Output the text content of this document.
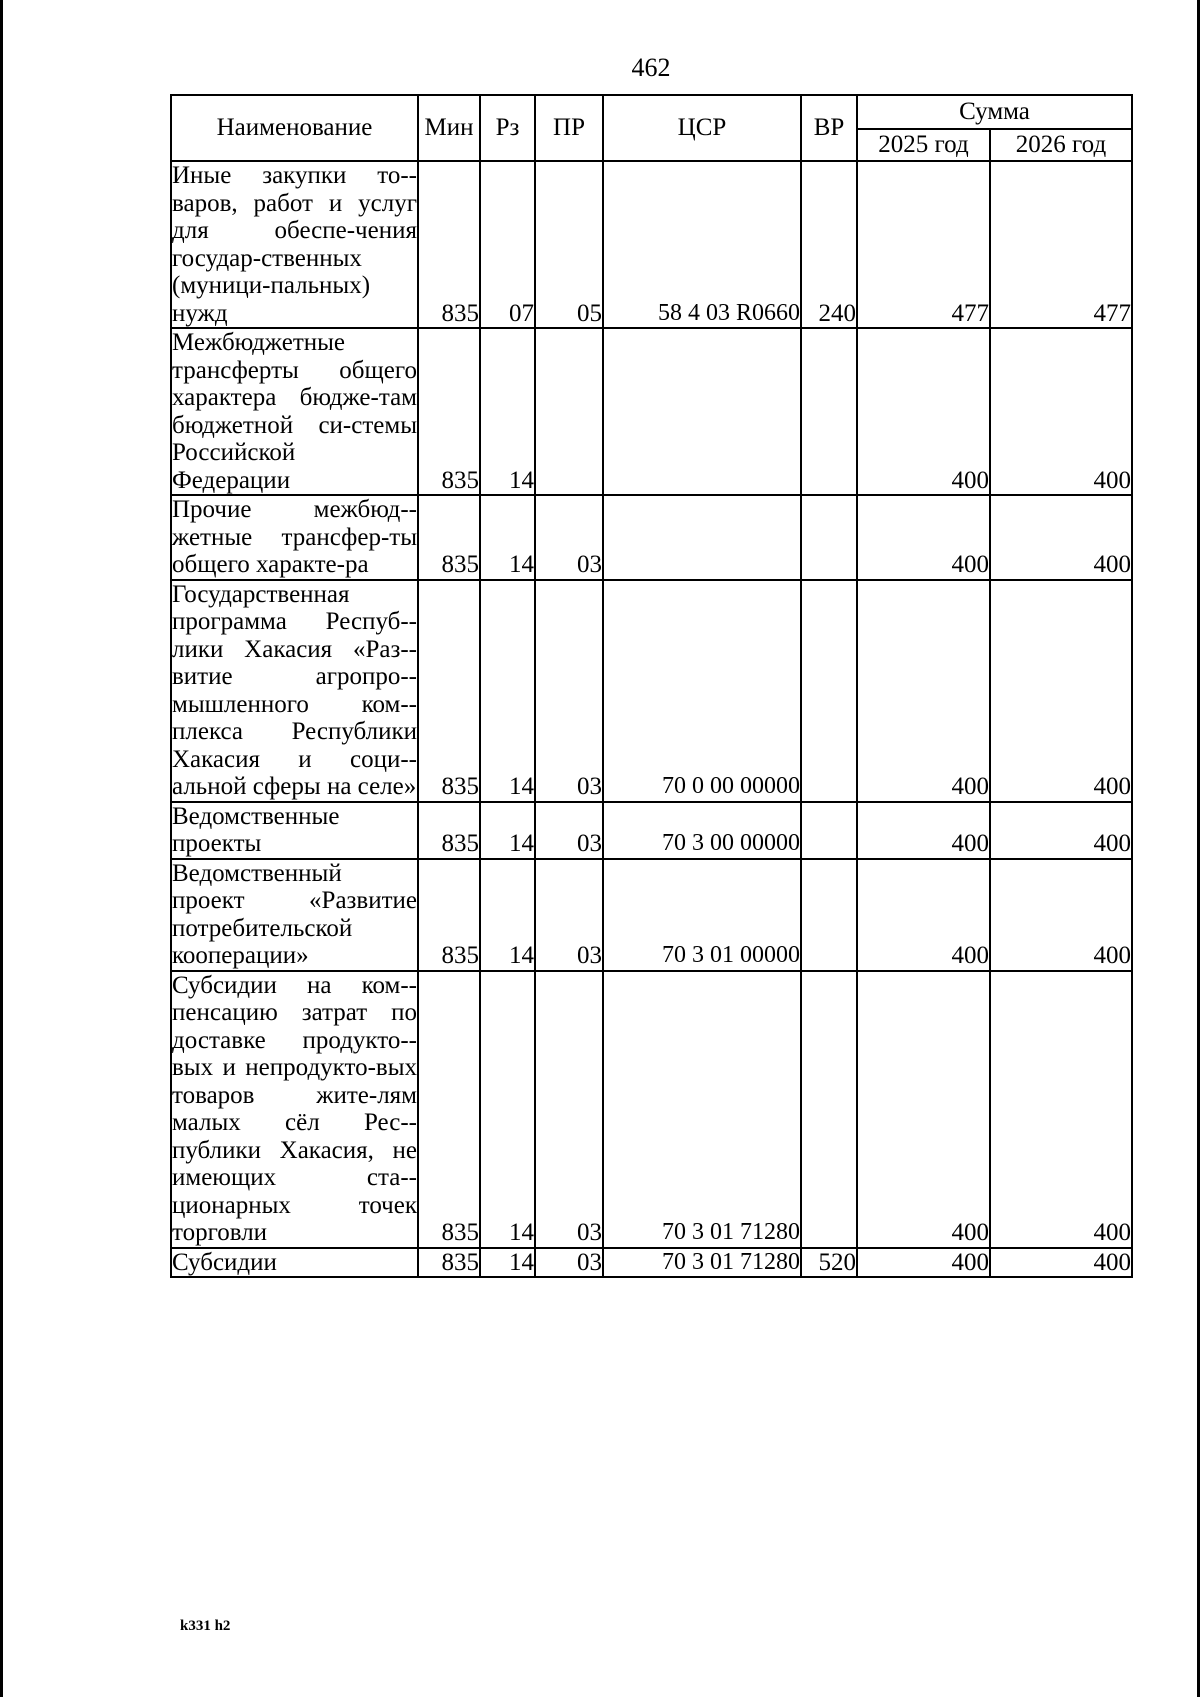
462
Наименование	Мин	Рз	ПР	ЦСР	ВР	Сумма	
						2025 год	2026 год
Иные закупки то-варов, работ и услуг для обеспе-чения государ-ственных (муници-пальных) нужд	835	07	05	58 4 03 R0660	240	477	477
Межбюджетные трансферты общего характера бюдже-там бюджетной си-стемы Российской Федерации	835	14				400	400
Прочие межбюд-жетные трансфер-ты общего характе-ра	835	14	03			400	400
Государственная программа Респуб-лики Хакасия «Раз-витие агропро-мышленного ком-плекса Республики Хакасия и соци-альной сферы на селе»	835	14	03	70 0 00 00000		400	400
Ведомственные проекты	835	14	03	70 3 00 00000		400	400
Ведомственный проект «Развитие потребительской кооперации»	835	14	03	70 3 01 00000		400	400
Субсидии на ком-пенсацию затрат по доставке продукто-вых и непродукто-вых товаров жите-лям малых сёл Рес-публики Хакасия, не имеющих ста-ционарных точек торговли	835	14	03	70 3 01 71280		400	400
Субсидии	835	14	03	70 3 01 71280	520	400	400
k331 h2
